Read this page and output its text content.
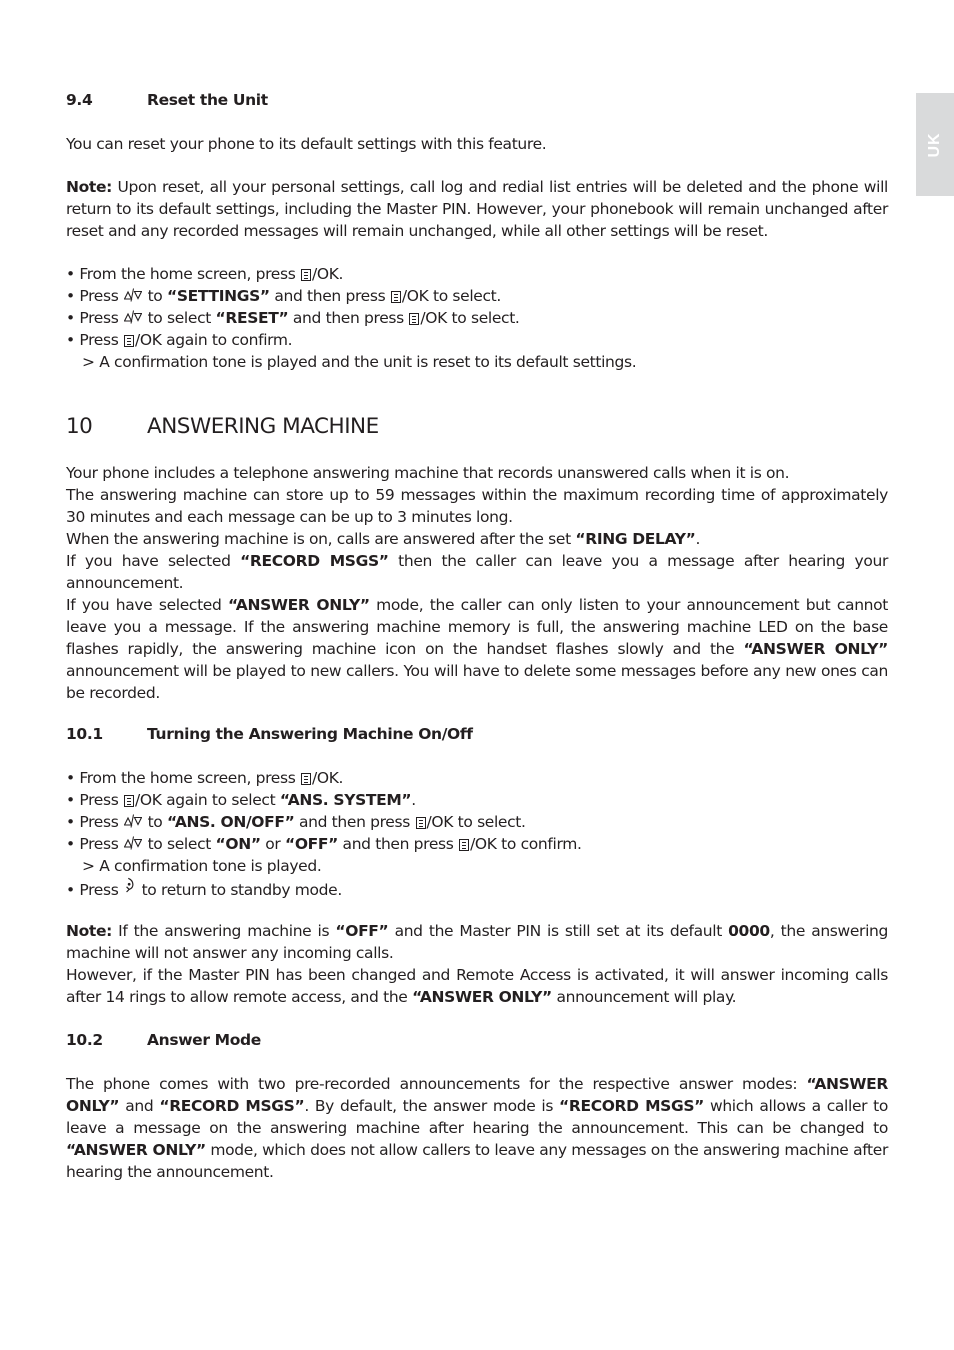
UK
9.4	Reset the Unit

You can reset your phone to its default settings with this feature.

Note: Upon reset, all your personal settings, call log and redial list entries will be deleted and the phone will return to its default settings, including the Master PIN. However, your phonebook will remain unchanged after reset and any recorded messages will remain unchanged, while all other settings will be reset.

• From the home screen, press /OK.
• Press  to “SETTINGS” and then press /OK to select.
• Press  to select “RESET” and then press /OK to select.
• Press /OK again to confirm.
> A confirmation tone is played and the unit is reset to its default settings.
10	ANSWERING MACHINE

Your phone includes a telephone answering machine that records unanswered calls when it is on.

The answering machine can store up to 59 messages within the maximum recording time of approximately 30 minutes and each message can be up to 3 minutes long.

When the answering machine is on, calls are answered after the set “RING DELAY”.

If you have selected “RECORD MSGS” then the caller can leave you a message after hearing your announcement.

If you have selected “ANSWER ONLY” mode, the caller can only listen to your announcement but cannot leave you a message. If the answering machine memory is full, the answering machine LED on the base flashes rapidly, the answering machine icon on the handset flashes slowly and the “ANSWER ONLY” announcement will be played to new callers. You will have to delete some messages before any new ones can be recorded.

10.1	Turning the Answering Machine On/Off
• From the home screen, press /OK.
• Press /OK again to select “ANS. SYSTEM”.
• Press  to “ANS. ON/OFF” and then press /OK to select.
• Press  to select “ON” or “OFF” and then press /OK to confirm.
> A confirmation tone is played.
• Press  to return to standby mode.

Note: If the answering machine is “OFF” and the Master PIN is still set at its default 0000, the answering machine will not answer any incoming calls.

However, if the Master PIN has been changed and Remote Access is activated, it will answer incoming calls after 14 rings to allow remote access, and the “ANSWER ONLY” announcement will play.

10.2	Answer Mode

The phone comes with two pre-recorded announcements for the respective answer modes: “ANSWER ONLY” and “RECORD MSGS”. By default, the answer mode is “RECORD MSGS” which allows a caller to leave a message on the answering machine after hearing the announcement. This can be changed to “ANSWER ONLY” mode, which does not allow callers to leave any messages on the answering machine after hearing the announcement.
